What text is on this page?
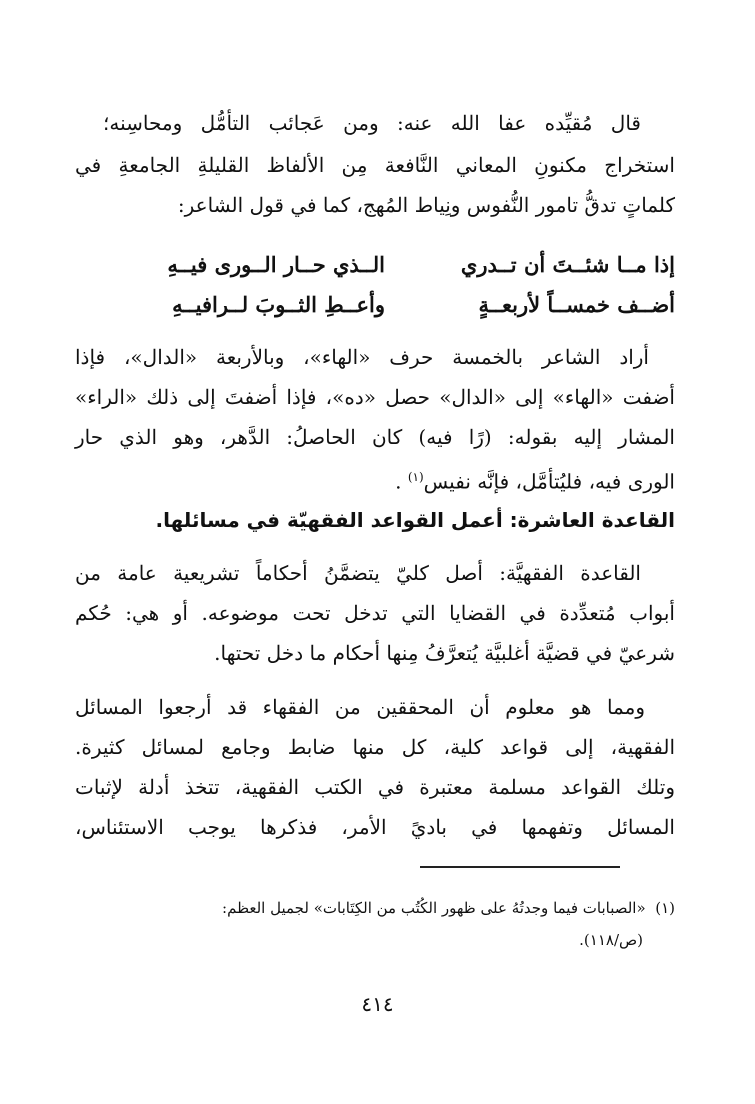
قال مُقيِّده عفا الله عنه: ومن عَجائب التأمُّل ومحاسِنه؛

استخراج مكنونِ المعاني النَّافعة مِن الألفاظ القليلةِ الجامعةِ في

كلماتٍ تدقُّ تامور النُّفوس ونِياط المُهج، كما في قول الشاعر:

إذا مــا شئــتَ أن تــدري

الــذي حــار الــورى فيــهِ

أضــف خمســاً لأربعــةٍ

وأعــطِ الثــوبَ لــرافيــهِ

أراد الشاعر بالخمسة حرف «الهاء»، وبالأربعة «الدال»، فإذا

أضفت «الهاء» إلى «الدال» حصل «ده»، فإذا أضفتَ إلى ذلك «الراء»

المشار إليه بقوله: (رًا فيه) كان الحاصلُ: الدَّهر، وهو الذي حار

الورى فيه، فليُتأمَّل، فإنَّه نفيس$^{(١)}$ .

القاعدة العاشرة: أعمل القواعد الفقهيّة في مسائلها.

القاعدة الفقهيَّة: أصل كليّ يتضمَّنُ أحكاماً تشريعية عامة من

أبواب مُتعدِّدة في القضايا التي تدخل تحت موضوعه. أو هي: حُكم

شرعيّ في قضيَّة أغلبيَّة يُتعرَّفُ مِنها أحكام ما دخل تحتها.

ومما هو معلوم أن المحققين من الفقهاء قد أرجعوا المسائل

الفقهية، إلى قواعد كلية، كل منها ضابط وجامع لمسائل كثيرة.

وتلك القواعد مسلمة معتبرة في الكتب الفقهية، تتخذ أدلة لإثبات

المسائل وتفهمها في باديً الأمر، فذكرها يوجب الاستئناس،

(١)  «الصبابات فيما وجدتُهُ على ظهور الكُتُب من الكِتَابات» لجميل العظم:

(ص/١١٨).

٤١٤
